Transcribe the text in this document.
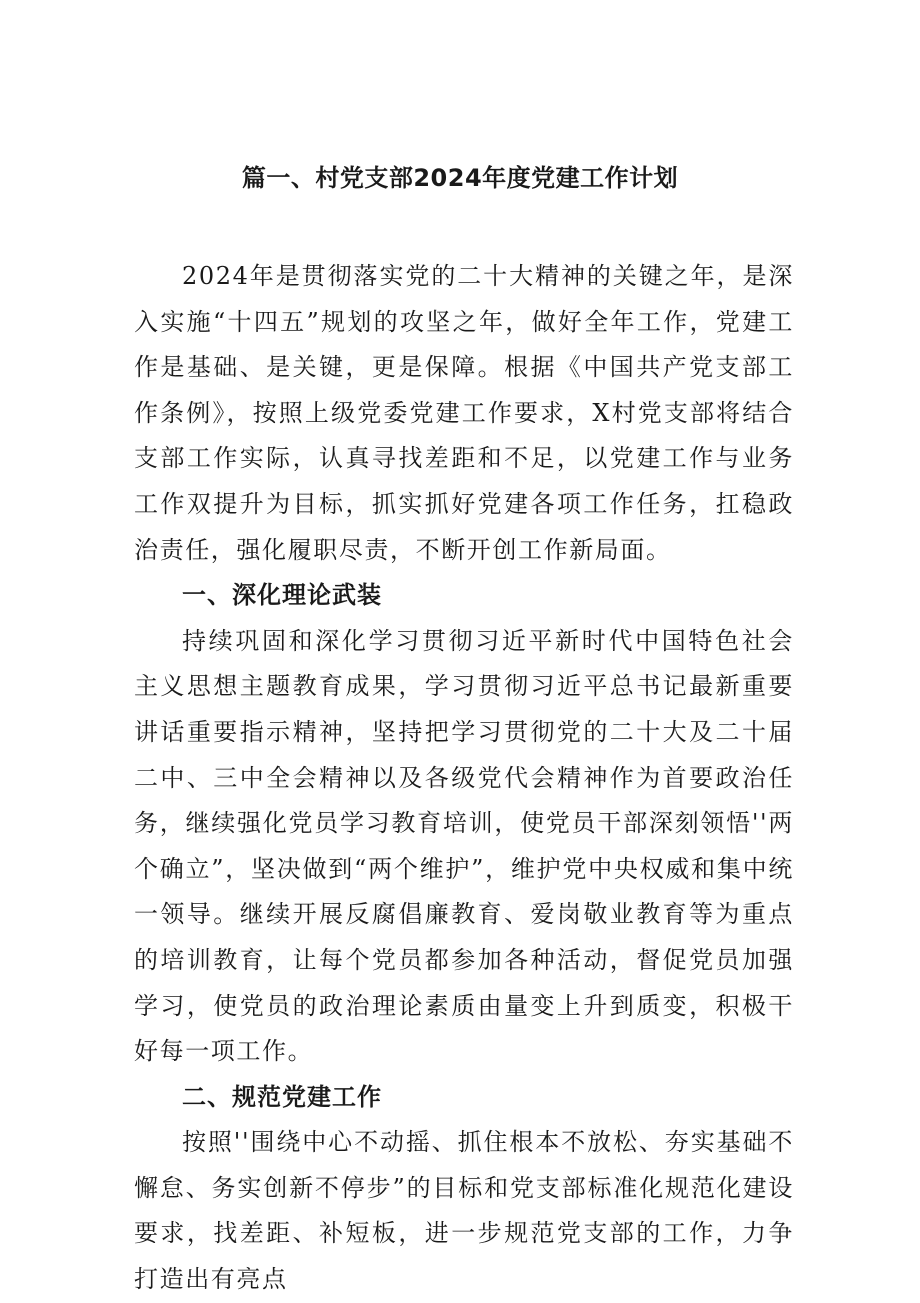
篇一、村党支部2024年度党建工作计划

2024年是贯彻落实党的二十大精神的关键之年，是深入实施“十四五”规划的攻坚之年，做好全年工作，党建工作是基础、是关键，更是保障。根据《中国共产党支部工作条例》，按照上级党委党建工作要求，X村党支部将结合支部工作实际，认真寻找差距和不足，以党建工作与业务工作双提升为目标，抓实抓好党建各项工作任务，扛稳政治责任，强化履职尽责，不断开创工作新局面。

一、深化理论武装

持续巩固和深化学习贯彻习近平新时代中国特色社会主义思想主题教育成果，学习贯彻习近平总书记最新重要讲话重要指示精神，坚持把学习贯彻党的二十大及二十届二中、三中全会精神以及各级党代会精神作为首要政治任务，继续强化党员学习教育培训，使党员干部深刻领悟''两个确立”，坚决做到“两个维护”，维护党中央权威和集中统一领导。继续开展反腐倡廉教育、爱岗敬业教育等为重点的培训教育，让每个党员都参加各种活动，督促党员加强学习，使党员的政治理论素质由量变上升到质变，积极干好每一项工作。

二、规范党建工作

按照''围绕中心不动摇、抓住根本不放松、夯实基础不懈怠、务实创新不停步”的目标和党支部标准化规范化建设要求，找差距、补短板，进一步规范党支部的工作，力争打造出有亮点
